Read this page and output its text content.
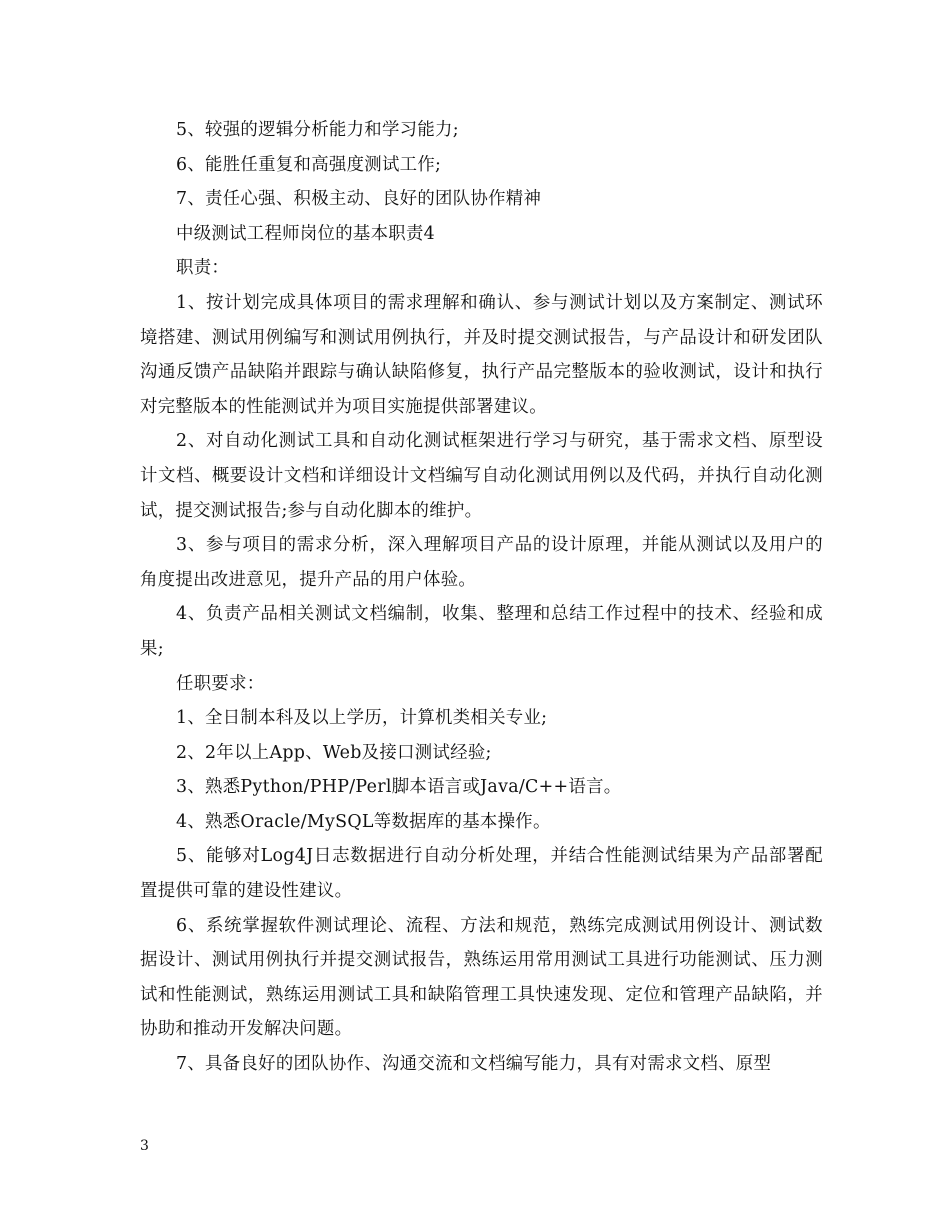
5、较强的逻辑分析能力和学习能力;

6、能胜任重复和高强度测试工作;

7、责任心强、积极主动、良好的团队协作精神

中级测试工程师岗位的基本职责4

职责：

1、按计划完成具体项目的需求理解和确认、参与测试计划以及方案制定、测试环境搭建、测试用例编写和测试用例执行，并及时提交测试报告，与产品设计和研发团队沟通反馈产品缺陷并跟踪与确认缺陷修复，执行产品完整版本的验收测试，设计和执行对完整版本的性能测试并为项目实施提供部署建议。

2、对自动化测试工具和自动化测试框架进行学习与研究，基于需求文档、原型设计文档、概要设计文档和详细设计文档编写自动化测试用例以及代码，并执行自动化测试，提交测试报告;参与自动化脚本的维护。

3、参与项目的需求分析，深入理解项目产品的设计原理，并能从测试以及用户的角度提出改进意见，提升产品的用户体验。

4、负责产品相关测试文档编制，收集、整理和总结工作过程中的技术、经验和成果;

任职要求：

1、全日制本科及以上学历，计算机类相关专业;

2、2年以上App、Web及接口测试经验;

3、熟悉Python/PHP/Perl脚本语言或Java/C++语言。

4、熟悉Oracle/MySQL等数据库的基本操作。

5、能够对Log4J日志数据进行自动分析处理，并结合性能测试结果为产品部署配置提供可靠的建设性建议。

6、系统掌握软件测试理论、流程、方法和规范，熟练完成测试用例设计、测试数据设计、测试用例执行并提交测试报告，熟练运用常用测试工具进行功能测试、压力测试和性能测试，熟练运用测试工具和缺陷管理工具快速发现、定位和管理产品缺陷，并协助和推动开发解决问题。

7、具备良好的团队协作、沟通交流和文档编写能力，具有对需求文档、原型

3
